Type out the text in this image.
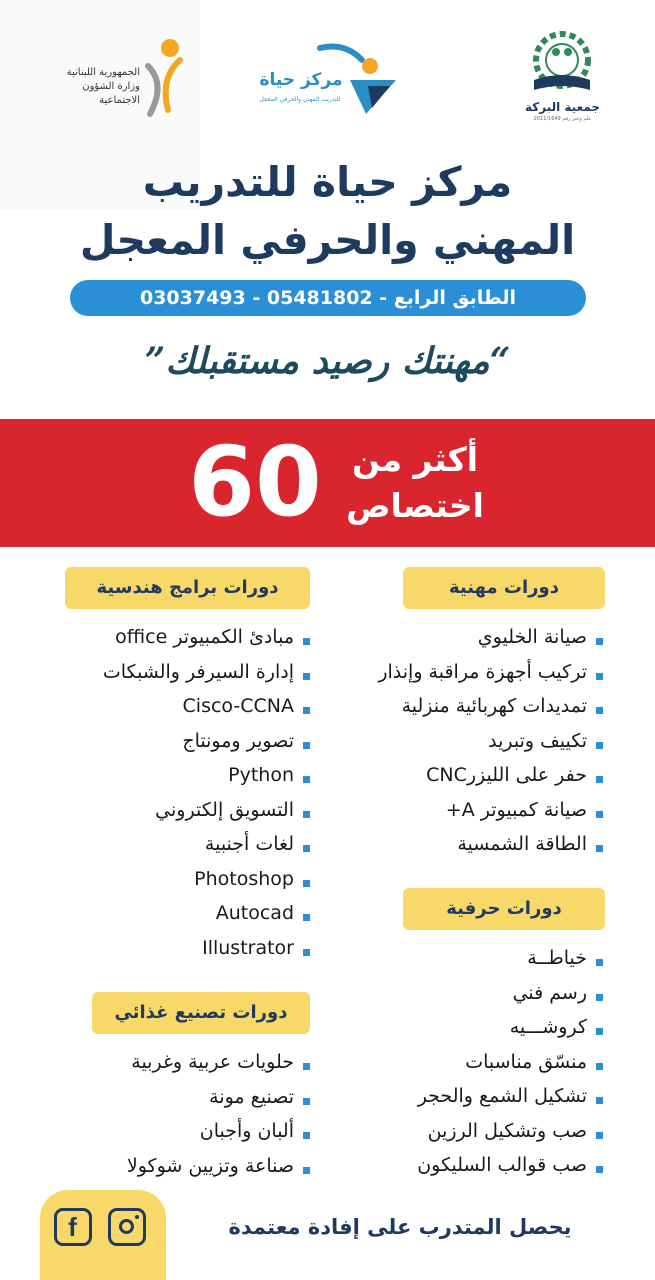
الجمهورية اللبنانية
وزارة الشؤون الاجتماعية
مركز حياة
للتدريب المهني والحرفي المعجل
جمعية البركة
علم وخبر رقم 2011/1649
مركز حياة للتدريب
المهني والحرفي المعجل
الطابق الرابع - 05481802 - 03037493
“مهنتك رصيد مستقبلك”
60 أكثر من
اختصاص
دورات مهنية
صيانة الخليوي
تركيب أجهزة مراقبة وإنذار
تمديدات كهربائية منزلية
تكييف وتبريد
حفر على الليزرCNC
صيانة كمبيوتر A+
الطاقة الشمسية
دورات حرفية
خياطــة
رسم فني
كروشـــيه
منسّق مناسبات
تشكيل الشمع والحجر
صب وتشكيل الرزين
صب قوالب السليكون
دورات برامج هندسية
مبادئ الكمبيوتر office
إدارة السيرفر والشبكات
Cisco-CCNA
تصوير ومونتاج
Python
التسويق إلكتروني
لغات أجنبية
Photoshop
Autocad
Illustrator
دورات تصنيع غذائي
حلويات عربية وغربية
تصنيع مونة
ألبان وأجبان
صناعة وتزيين شوكولا
f	يحصل المتدرب على إفادة معتمدة
